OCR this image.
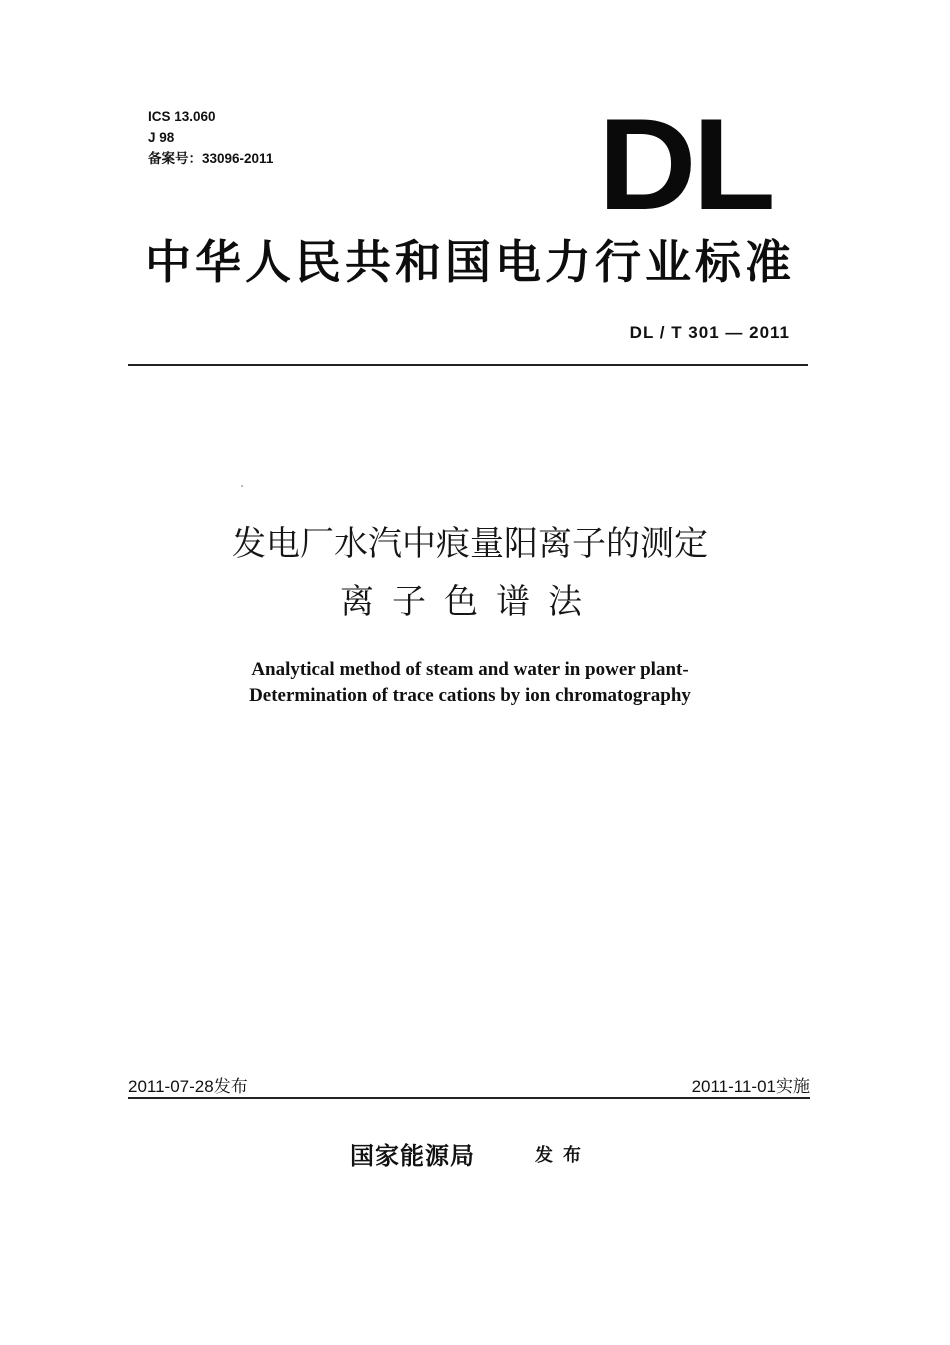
ICS 13.060
J 98
备案号：33096-2011 DL
中华人民共和国电力行业标准
DL / T 301 — 2011
发电厂水汽中痕量阳离子的测定
离子色谱法
Analytical method of steam and water in power plant-
Determination of trace cations by ion chromatography
2011-07-28发布	2011-11-01实施
国家能源局	发布
